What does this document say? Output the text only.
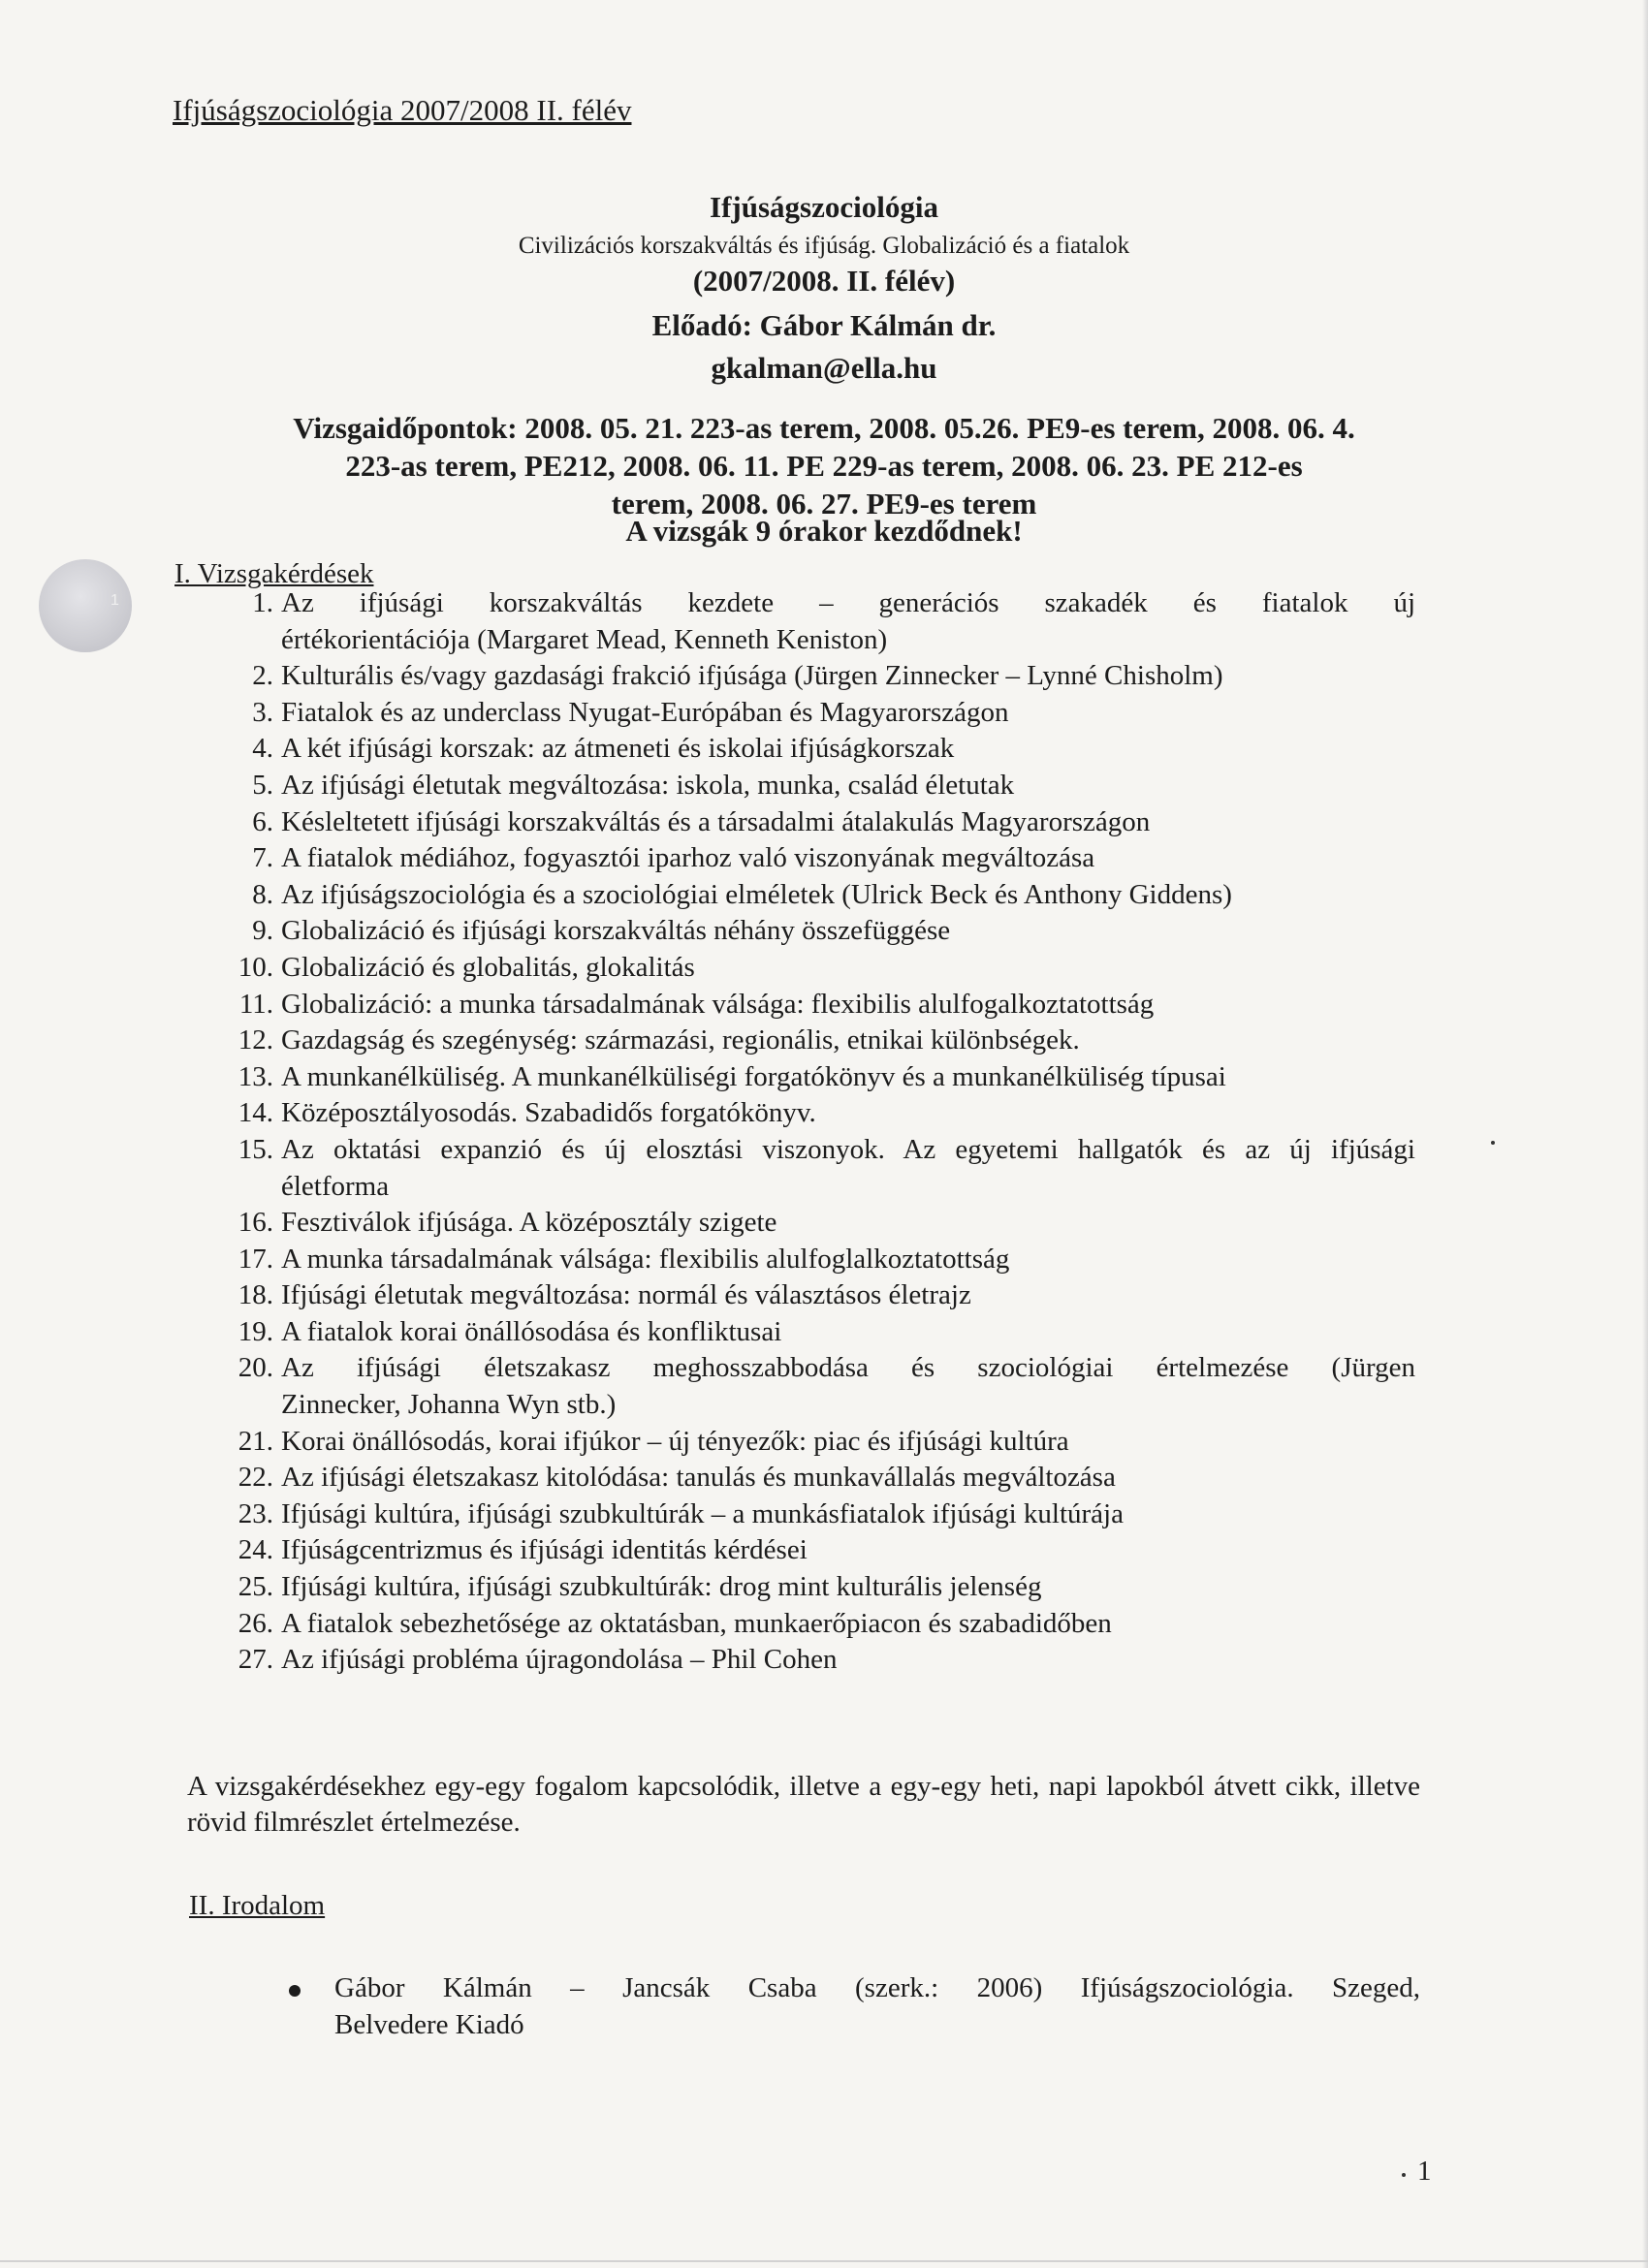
Ifjúságszociológia 2007/2008 II. félév
Ifjúságszociológia
Civilizációs korszakváltás és ifjúság. Globalizáció és a fiatalok
(2007/2008. II. félév)
Előadó: Gábor Kálmán dr.
gkalman@ella.hu
Vizsgaidőpontok: 2008. 05. 21. 223-as terem, 2008. 05.26. PE9-es terem, 2008. 06. 4.
223-as terem, PE212, 2008. 06. 11. PE 229-as terem, 2008. 06. 23. PE 212-es
terem, 2008. 06. 27. PE9-es terem
A vizsgák 9 órakor kezdődnek!
1
I. Vizsgakérdések
1. Az ifjúsági korszakváltás kezdete – generációs szakadék és fiatalok új
értékorientációja (Margaret Mead, Kenneth Keniston)
2. Kulturális és/vagy gazdasági frakció ifjúsága (Jürgen Zinnecker – Lynné Chisholm)
3. Fiatalok és az underclass Nyugat-Európában és Magyarországon
4. A két ifjúsági korszak: az átmeneti és iskolai ifjúságkorszak
5. Az ifjúsági életutak megváltozása: iskola, munka, család életutak
6. Késleltetett ifjúsági korszakváltás és a társadalmi átalakulás Magyarországon
7. A fiatalok médiához, fogyasztói iparhoz való viszonyának megváltozása
8. Az ifjúságszociológia és a szociológiai elméletek (Ulrick Beck és Anthony Giddens)
9. Globalizáció és ifjúsági korszakváltás néhány összefüggése
10. Globalizáció és globalitás, glokalitás
11. Globalizáció: a munka társadalmának válsága: flexibilis alulfogalkoztatottság
12. Gazdagság és szegénység: származási, regionális, etnikai különbségek.
13. A munkanélküliség. A munkanélküliségi forgatókönyv és a munkanélküliség típusai
14. Középosztályosodás. Szabadidős forgatókönyv.
15. Az oktatási expanzió és új elosztási viszonyok. Az egyetemi hallgatók és az új ifjúsági
életforma
16. Fesztiválok ifjúsága. A középosztály szigete
17. A munka társadalmának válsága: flexibilis alulfoglalkoztatottság
18. Ifjúsági életutak megváltozása: normál és választásos életrajz
19. A fiatalok korai önállósodása és konfliktusai
20. Az ifjúsági életszakasz meghosszabbodása és szociológiai értelmezése (Jürgen
Zinnecker, Johanna Wyn stb.)
21. Korai önállósodás, korai ifjúkor – új tényezők: piac és ifjúsági kultúra
22. Az ifjúsági életszakasz kitolódása: tanulás és munkavállalás megváltozása
23. Ifjúsági kultúra, ifjúsági szubkultúrák – a munkásfiatalok ifjúsági kultúrája
24. Ifjúságcentrizmus és ifjúsági identitás kérdései
25. Ifjúsági kultúra, ifjúsági szubkultúrák: drog mint kulturális jelenség
26. A fiatalok sebezhetősége az oktatásban, munkaerőpiacon és szabadidőben
27. Az ifjúsági probléma újragondolása – Phil Cohen
A vizsgakérdésekhez egy-egy fogalom kapcsolódik, illetve a egy-egy heti, napi lapokból átvett cikk, illetve rövid filmrészlet értelmezése.
II. Irodalom
Gábor Kálmán – Jancsák Csaba (szerk.: 2006) Ifjúságszociológia. Szeged,
Belvedere Kiadó
1
